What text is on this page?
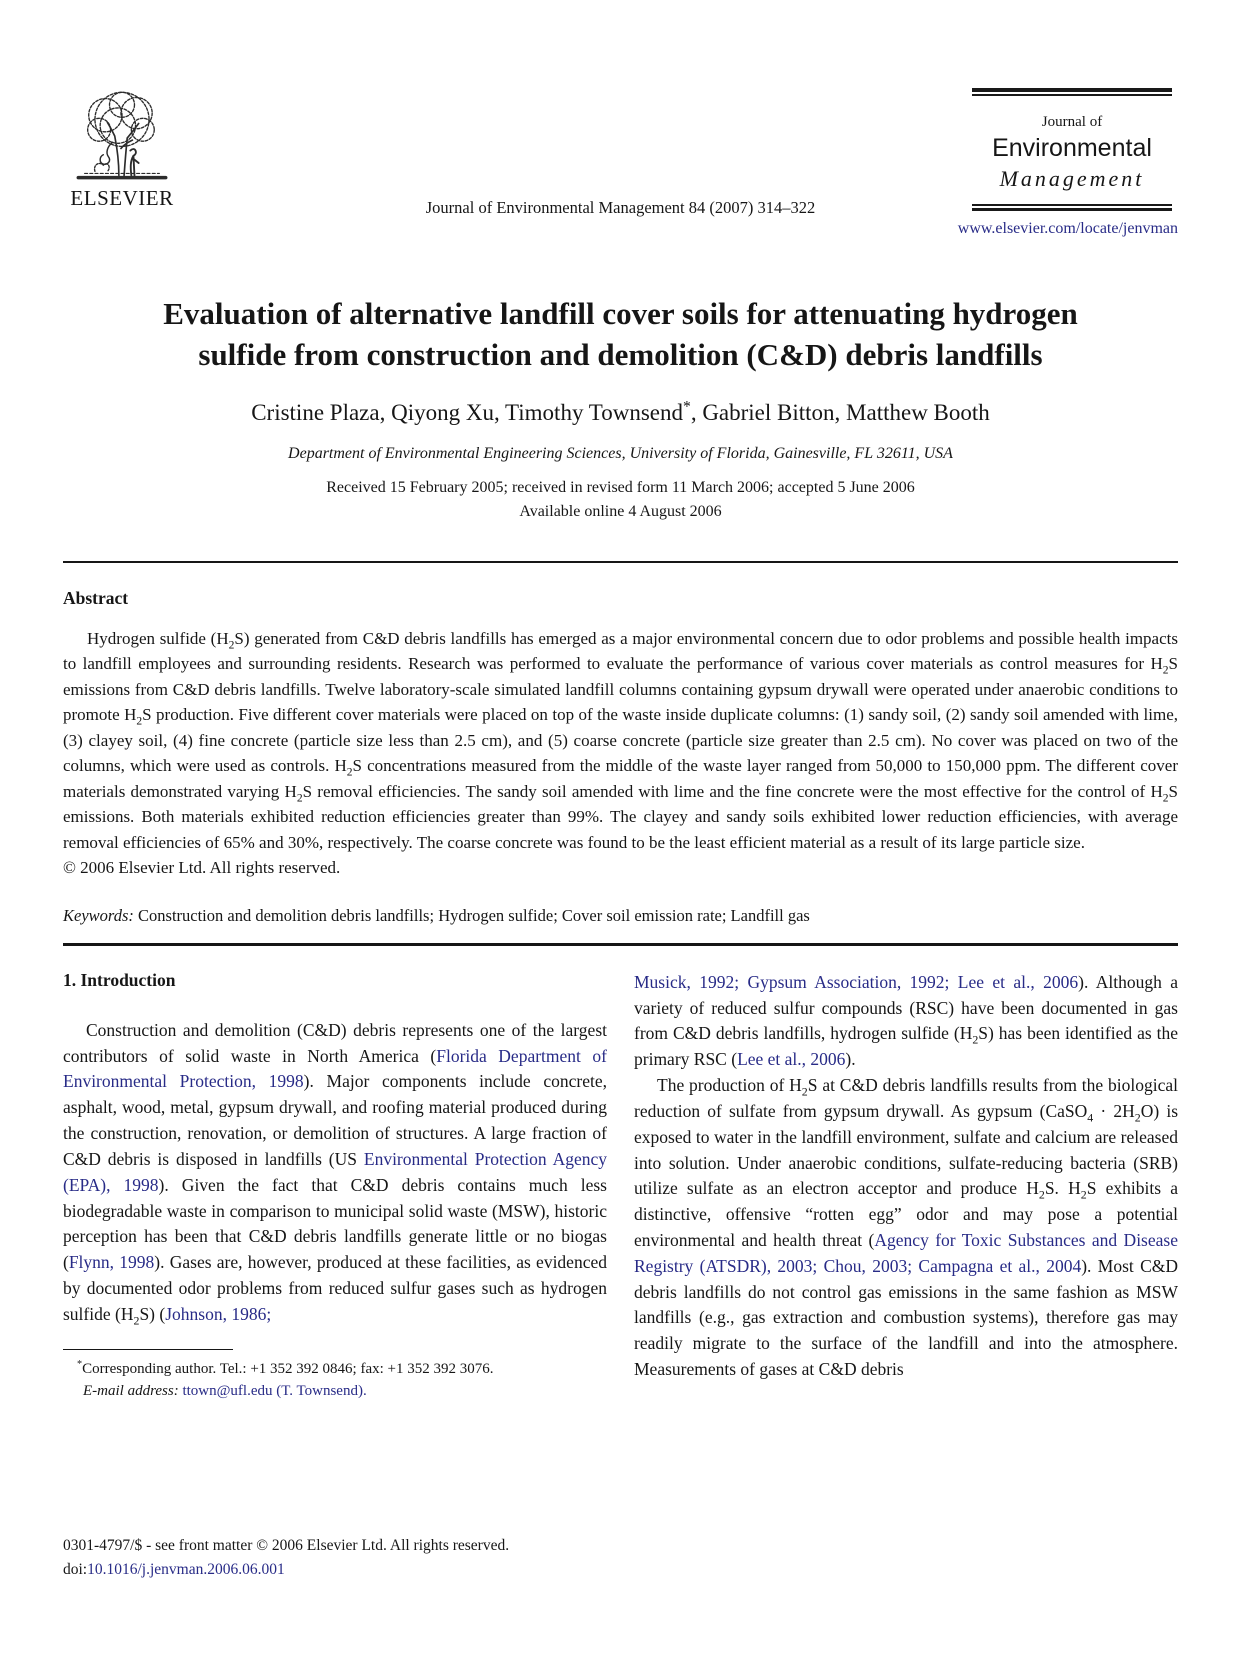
ELSEVIER	Journal of Environmental Management 84 (2007) 314–322
Journal of
Environmental
Management
www.elsevier.com/locate/jenvman
Evaluation of alternative landfill cover soils for attenuating hydrogen
sulfide from construction and demolition (C&D) debris landfills
Cristine Plaza, Qiyong Xu, Timothy Townsend*, Gabriel Bitton, Matthew Booth
Department of Environmental Engineering Sciences, University of Florida, Gainesville, FL 32611, USA
Received 15 February 2005; received in revised form 11 March 2006; accepted 5 June 2006
Available online 4 August 2006
Abstract

Hydrogen sulfide $(H_2S)$ generated from C&D debris landfills has emerged as a major environmental concern due to odor problems and possible health impacts to landfill employees and surrounding residents. Research was performed to evaluate the performance of various cover materials as control measures for $H_2S$ emissions from C&D debris landfills. Twelve laboratory-scale simulated landfill columns containing gypsum drywall were operated under anaerobic conditions to promote $H_2S$ production. Five different cover materials were placed on top of the waste inside duplicate columns: (1) sandy soil, (2) sandy soil amended with lime, (3) clayey soil, (4) fine concrete (particle size less than 2.5 cm), and (5) coarse concrete (particle size greater than 2.5 cm). No cover was placed on two of the columns, which were used as controls. $H_2S$ concentrations measured from the middle of the waste layer ranged from 50,000 to 150,000 ppm. The different cover materials demonstrated varying $H_2S$ removal efficiencies. The sandy soil amended with lime and the fine concrete were the most effective for the control of $H_2S$ emissions. Both materials exhibited reduction efficiencies greater than 99%. The clayey and sandy soils exhibited lower reduction efficiencies, with average removal efficiencies of 65% and 30%, respectively. The coarse concrete was found to be the least efficient material as a result of its large particle size.

© 2006 Elsevier Ltd. All rights reserved.

Keywords: Construction and demolition debris landfills; Hydrogen sulfide; Cover soil emission rate; Landfill gas

1. Introduction

Construction and demolition (C&D) debris represents one of the largest contributors of solid waste in North America (Florida Department of Environmental Protection, 1998). Major components include concrete, asphalt, wood, metal, gypsum drywall, and roofing material produced during the construction, renovation, or demolition of structures. A large fraction of C&D debris is disposed in landfills (US Environmental Protection Agency (EPA), 1998). Given the fact that C&D debris contains much less biodegradable waste in comparison to municipal solid waste (MSW), historic perception has been that C&D debris landfills generate little or no biogas (Flynn, 1998). Gases are, however, produced at these facilities, as evidenced by documented odor problems from reduced sulfur gases such as hydrogen sulfide $(H_2S)$ (Johnson, 1986;

*Corresponding author. Tel.: +1 352 392 0846; fax: +1 352 392 3076.
E-mail address: ttown@ufl.edu (T. Townsend).

Musick, 1992; Gypsum Association, 1992; Lee et al., 2006). Although a variety of reduced sulfur compounds (RSC) have been documented in gas from C&D debris landfills, hydrogen sulfide $(H_2S)$ has been identified as the primary RSC (Lee et al., 2006).

The production of $H_2S$ at C&D debris landfills results from the biological reduction of sulfate from gypsum drywall. As gypsum (CaSO$_4$ · $2H_2O$) is exposed to water in the landfill environment, sulfate and calcium are released into solution. Under anaerobic conditions, sulfate-reducing bacteria (SRB) utilize sulfate as an electron acceptor and produce $H_2S$. $H_2S$ exhibits a distinctive, offensive “rotten egg” odor and may pose a potential environmental and health threat (Agency for Toxic Substances and Disease Registry (ATSDR), 2003; Chou, 2003; Campagna et al., 2004). Most C&D debris landfills do not control gas emissions in the same fashion as MSW landfills (e.g., gas extraction and combustion systems), therefore gas may readily migrate to the surface of the landfill and into the atmosphere. Measurements of gases at C&D debris

0301-4797/$ - see front matter © 2006 Elsevier Ltd. All rights reserved.
doi:10.1016/j.jenvman.2006.06.001
